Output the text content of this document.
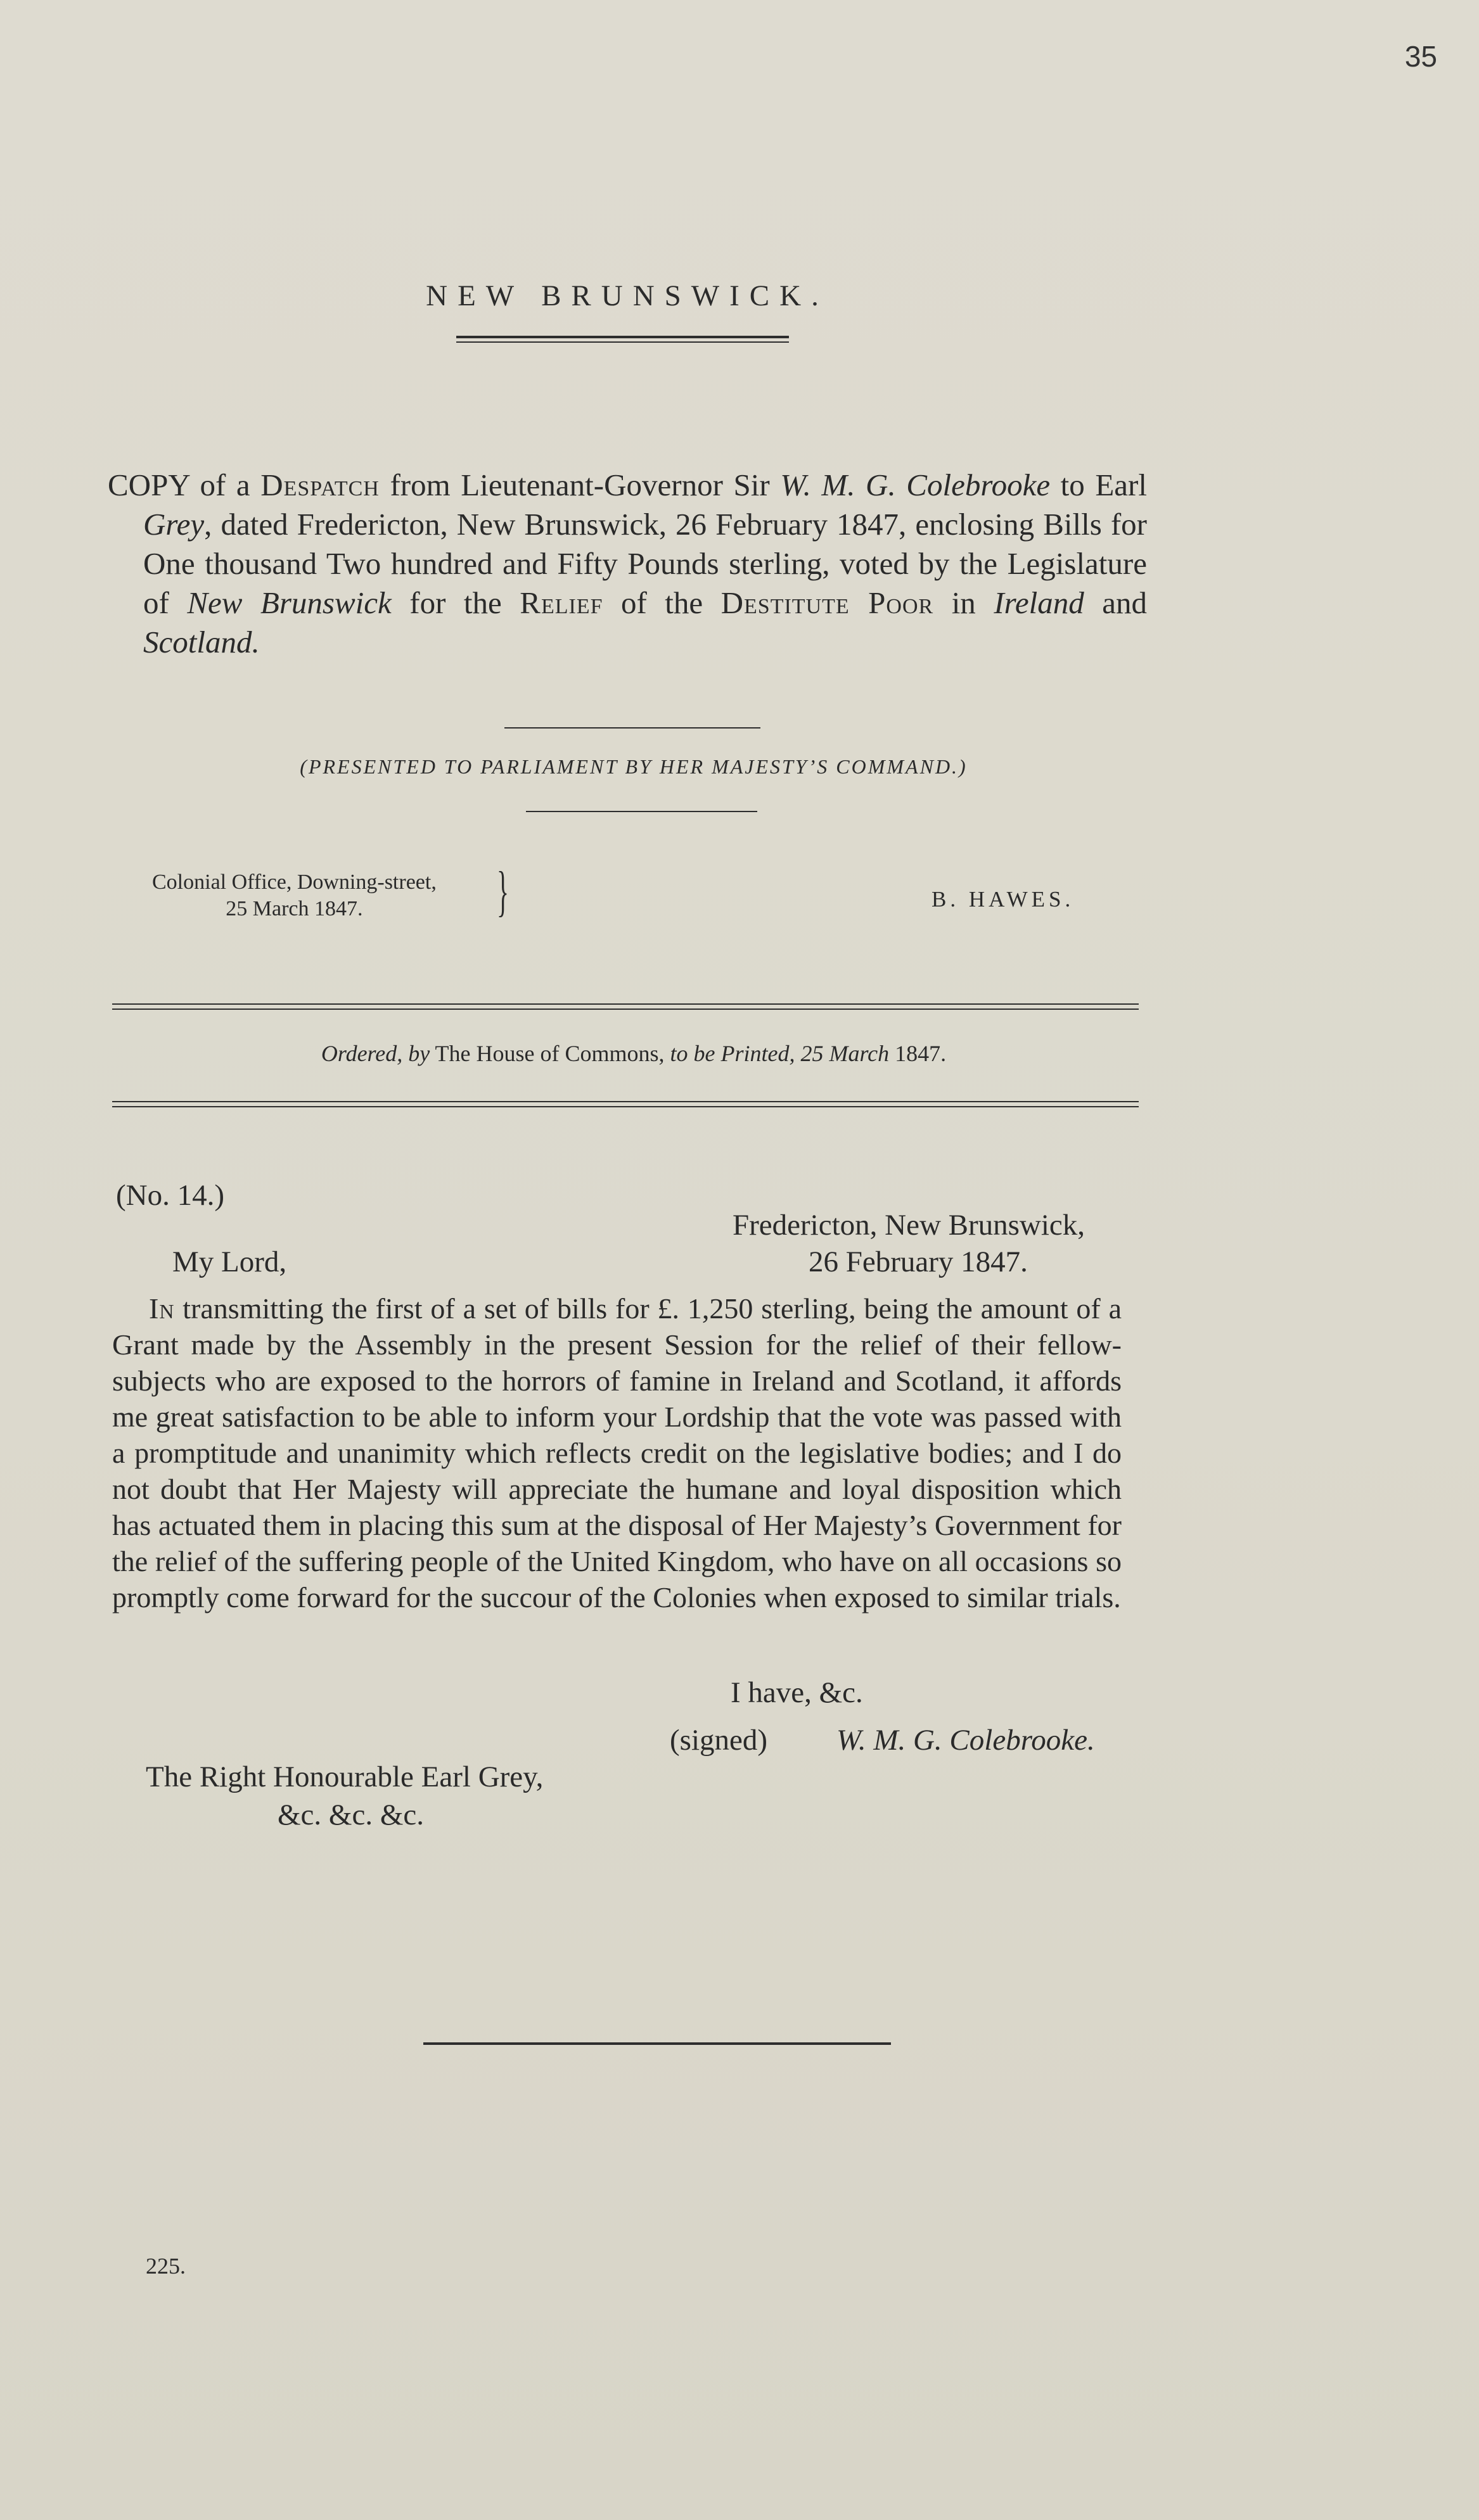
35
NEW BRUNSWICK.
COPY of a Despatch from Lieutenant-Governor Sir W. M. G. Colebrooke to Earl Grey, dated Fredericton, New Brunswick, 26 February 1847, enclosing Bills for One thousand Two hundred and Fifty Pounds sterling, voted by the Legislature of New Brunswick for the Relief of the Destitute Poor in Ireland and Scotland.
(PRESENTED TO PARLIAMENT BY HER MAJESTY’S COMMAND.)
Colonial Office, Downing-street,
25 March 1847.	}	B. HAWES.
Ordered, by The House of Commons, to be Printed, 25 March 1847.
(No. 14.)
Fredericton, New Brunswick,
My Lord,	26 February 1847.
In transmitting the first of a set of bills for £. 1,250 sterling, being the amount of a Grant made by the Assembly in the present Session for the relief of their fellow-subjects who are exposed to the horrors of famine in Ireland and Scotland, it affords me great satisfaction to be able to inform your Lordship that the vote was passed with a promptitude and unanimity which reflects credit on the legislative bodies; and I do not doubt that Her Majesty will appreciate the humane and loyal disposition which has actuated them in placing this sum at the disposal of Her Majesty’s Government for the relief of the suffering people of the United Kingdom, who have on all occasions so promptly come forward for the succour of the Colonies when exposed to similar trials.
I have, &c.
(signed) W. M. G. Colebrooke.
The Right Honourable Earl Grey,
&c. &c. &c.
225.
